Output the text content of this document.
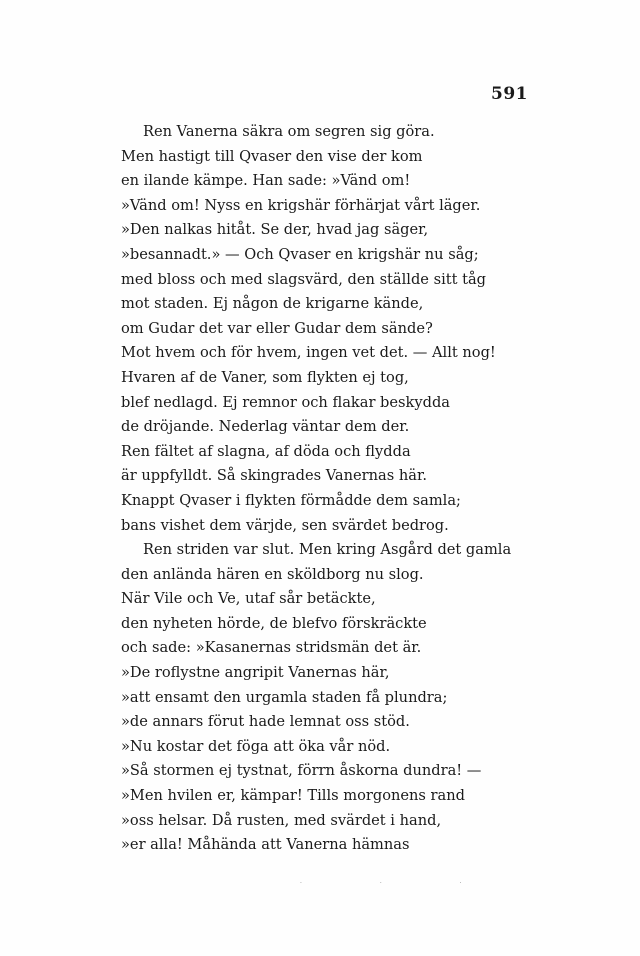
591
Ren Vanerna säkra om segren sig göra.
Men hastigt till Qvaser den vise der kom
en ilande kämpe. Han sade: »Vänd om!
»Vänd om! Nyss en krigshär förhärjat vårt läger.
»Den nalkas hitåt. Se der, hvad jag säger,
»besannadt.» — Och Qvaser en krigshär nu såg;
med bloss och med slagsvärd, den ställde sitt tåg
mot staden. Ej någon de krigarne kände,
om Gudar det var eller Gudar dem sände?
Mot hvem och för hvem, ingen vet det. — Allt nog!
Hvaren af de Vaner, som flykten ej tog,
blef nedlagd. Ej remnor och flakar beskydda
de dröjande. Nederlag väntar dem der.
Ren fältet af slagna, af döda och flydda
är uppfylldt. Så skingrades Vanernas här.
Knappt Qvaser i flykten förmådde dem samla;
bans vishet dem värjde, sen svärdet bedrog.
Ren striden var slut. Men kring Asgård det gamla
den anlända hären en sköldborg nu slog.
När Vile och Ve, utaf sår betäckte,
den nyheten hörde, de blefvo förskräckte
och sade: »Kasanernas stridsmän det är.
»De roflystne angripit Vanernas här,
»att ensamt den urgamla staden få plundra;
»de annars förut hade lemnat oss stöd.
»Nu kostar det föga att öka vår nöd.
»Så stormen ej tystnat, förrn åskorna dundra! —
»Men hvilen er, kämpar! Tills morgonens rand
»oss helsar. Då rusten, med svärdet i hand,
»er alla! Måhända att Vanerna hämnas
· · ·
